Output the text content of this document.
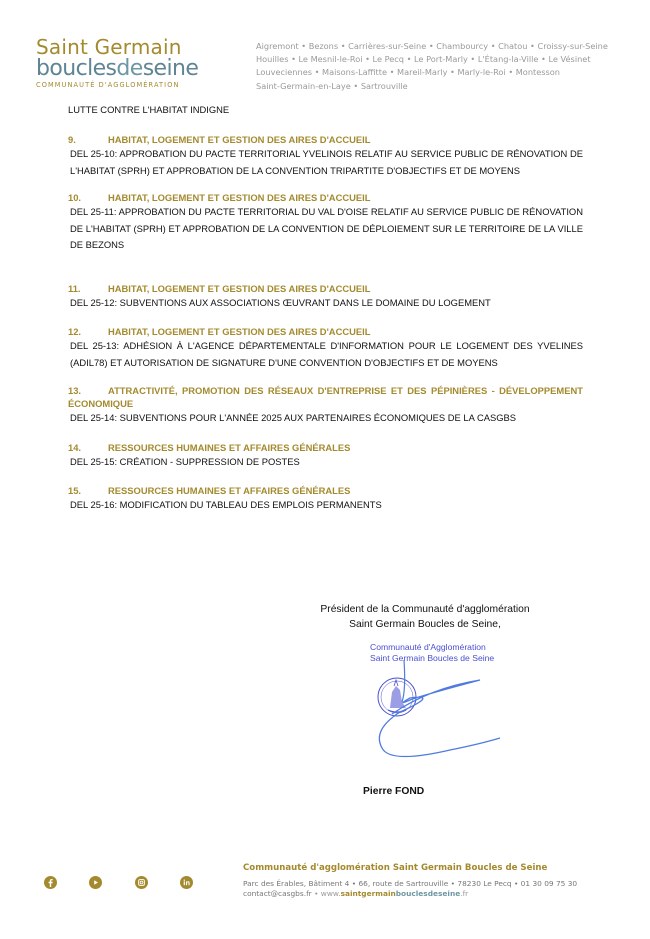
Saint Germain
bouclesdeseine
COMMUNAUTÉ D'AGGLOMÉRATION
Aigremont • Bezons • Carrières-sur-Seine • Chambourcy • Chatou • Croissy-sur-Seine
Houilles • Le Mesnil-le-Roi • Le Pecq • Le Port-Marly • L'Étang-la-Ville • Le Vésinet
Louveciennes • Maisons-Laffitte • Mareil-Marly • Marly-le-Roi • Montesson
Saint-Germain-en-Laye • Sartrouville
LUTTE CONTRE L'HABITAT INDIGNE
9.	HABITAT, LOGEMENT ET GESTION DES AIRES D'ACCUEIL
DEL 25-10: APPROBATION DU PACTE TERRITORIAL YVELINOIS RELATIF AU SERVICE PUBLIC DE RÉNOVATION DE L'HABITAT (SPRH) ET APPROBATION DE LA CONVENTION TRIPARTITE D'OBJECTIFS ET DE MOYENS
10.	HABITAT, LOGEMENT ET GESTION DES AIRES D'ACCUEIL
DEL 25-11: APPROBATION DU PACTE TERRITORIAL DU VAL D'OISE RELATIF AU SERVICE PUBLIC DE RÉNOVATION DE L'HABITAT (SPRH) ET APPROBATION DE LA CONVENTION DE DÉPLOIEMENT SUR LE TERRITOIRE DE LA VILLE DE BEZONS
11.	HABITAT, LOGEMENT ET GESTION DES AIRES D'ACCUEIL
DEL 25-12: SUBVENTIONS AUX ASSOCIATIONS ŒUVRANT DANS LE DOMAINE DU LOGEMENT
12.	HABITAT, LOGEMENT ET GESTION DES AIRES D'ACCUEIL
DEL 25-13: ADHÉSION À L'AGENCE DÉPARTEMENTALE D'INFORMATION POUR LE LOGEMENT DES YVELINES (ADIL78) ET AUTORISATION DE SIGNATURE D'UNE CONVENTION D'OBJECTIFS ET DE MOYENS
13.	ATTRACTIVITÉ, PROMOTION DES RÉSEAUX D'ENTREPRISE ET DES PÉPINIÈRES - DÉVELOPPEMENT ÉCONOMIQUE
DEL 25-14: SUBVENTIONS POUR L'ANNÉE 2025 AUX PARTENAIRES ÉCONOMIQUES DE LA CASGBS
14.	RESSOURCES HUMAINES ET AFFAIRES GÉNÉRALES
DEL 25-15: CRÉATION - SUPPRESSION DE POSTES
15.	RESSOURCES HUMAINES ET AFFAIRES GÉNÉRALES
DEL 25-16: MODIFICATION DU TABLEAU DES EMPLOIS PERMANENTS
Président de la Communauté d'agglomération
Saint Germain Boucles de Seine,
Communauté d'Agglomération
Saint Germain Boucles de Seine
Pierre FOND
Communauté d'agglomération Saint Germain Boucles de Seine
Parc des Érables, Bâtiment 4 • 66, route de Sartrouville • 78230 Le Pecq • 01 30 09 75 30
contact@casgbs.fr • www.saintgermainbouclesdeseine.fr
